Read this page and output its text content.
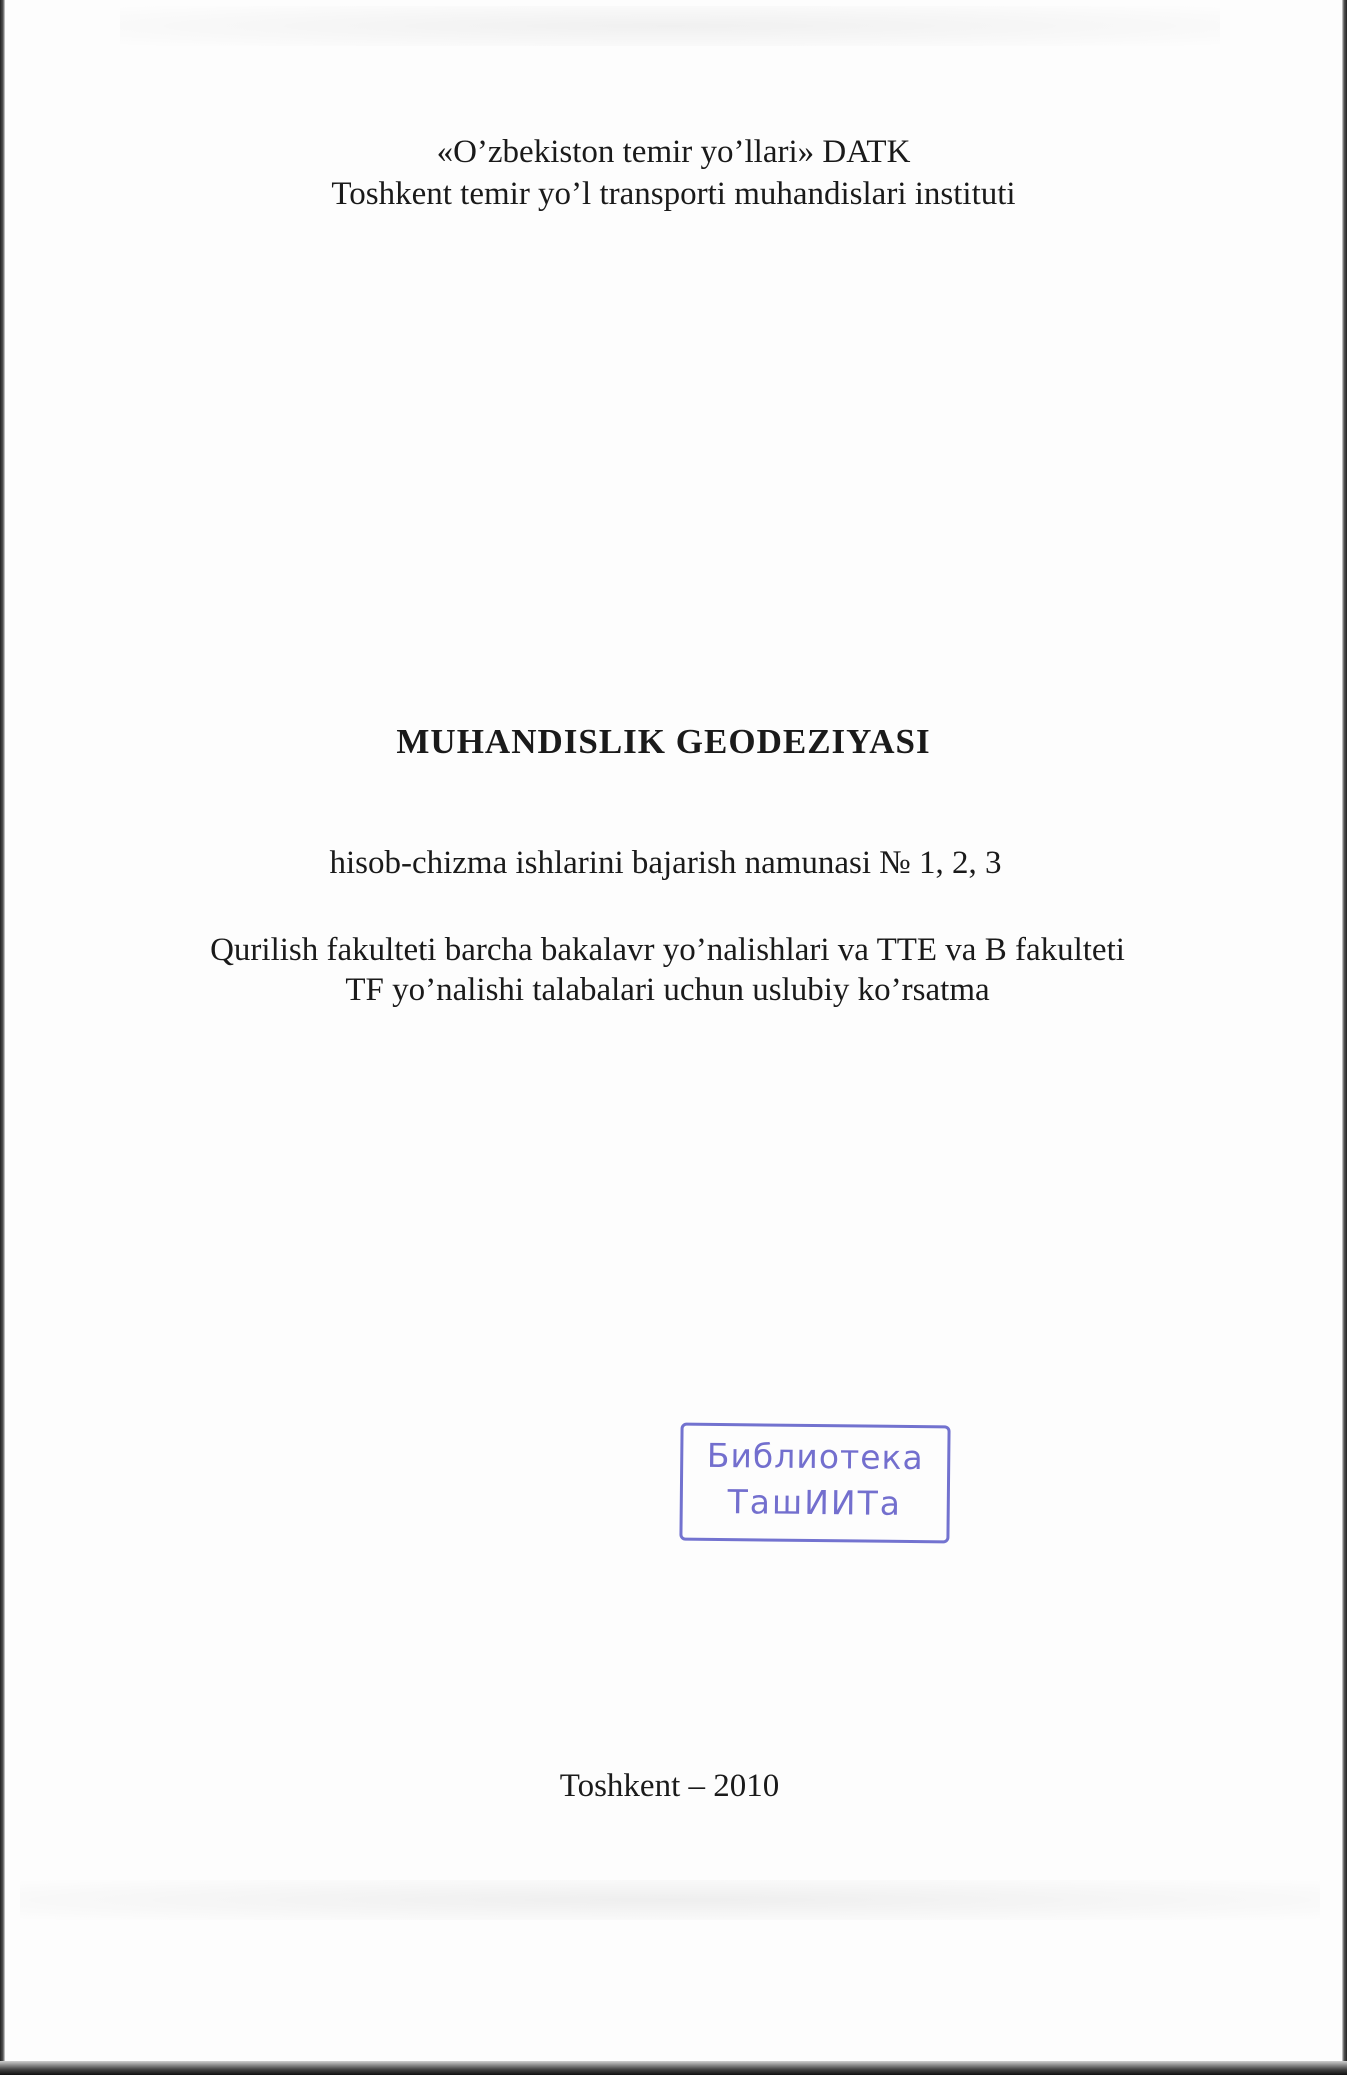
«O’zbekiston temir yo’llari» DATK
Toshkent temir yo’l transporti muhandislari instituti
MUHANDISLIK GEODEZIYASI
hisob-chizma ishlarini bajarish namunasi № 1, 2, 3
Qurilish fakulteti barcha bakalavr yo’nalishlari va TTE va B fakulteti
TF yo’nalishi talabalari uchun uslubiy ko’rsatma
Библиотека
ТашИИТа
Toshkent – 2010
